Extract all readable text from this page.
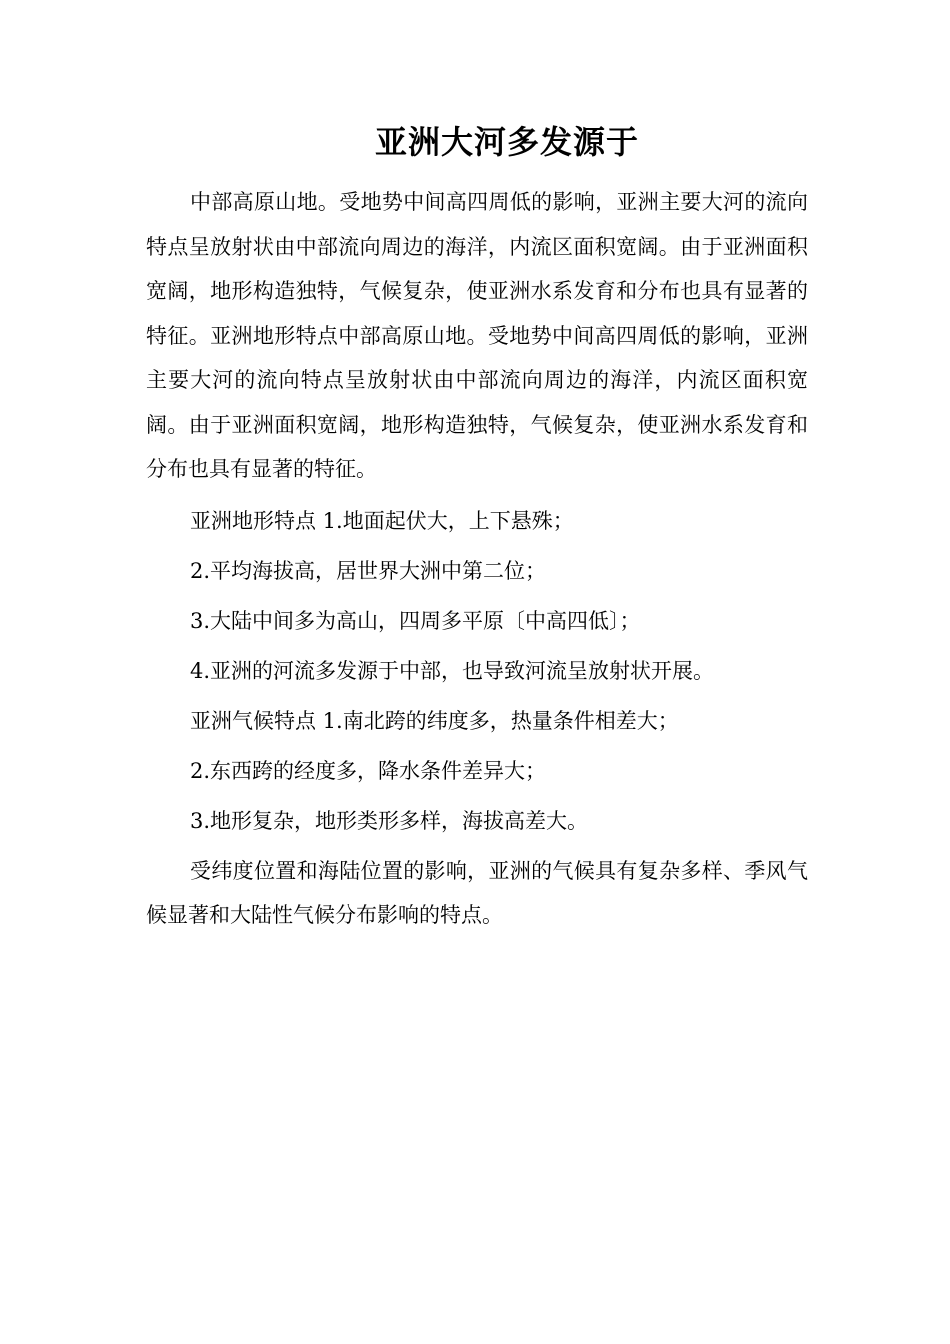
亚洲大河多发源于

中部高原山地。受地势中间高四周低的影响，亚洲主要大河的流向特点呈放射状由中部流向周边的海洋，内流区面积宽阔。由于亚洲面积宽阔，地形构造独特，气候复杂，使亚洲水系发育和分布也具有显著的特征。亚洲地形特点中部高原山地。受地势中间高四周低的影响，亚洲主要大河的流向特点呈放射状由中部流向周边的海洋，内流区面积宽阔。由于亚洲面积宽阔，地形构造独特，气候复杂，使亚洲水系发育和分布也具有显著的特征。

亚洲地形特点 1.地面起伏大，上下悬殊；

2.平均海拔高，居世界大洲中第二位；

3.大陆中间多为高山，四周多平原〔中高四低〕；

4.亚洲的河流多发源于中部，也导致河流呈放射状开展。

亚洲气候特点 1.南北跨的纬度多，热量条件相差大；

2.东西跨的经度多，降水条件差异大；

3.地形复杂，地形类形多样，海拔高差大。

受纬度位置和海陆位置的影响，亚洲的气候具有复杂多样、季风气候显著和大陆性气候分布影响的特点。
